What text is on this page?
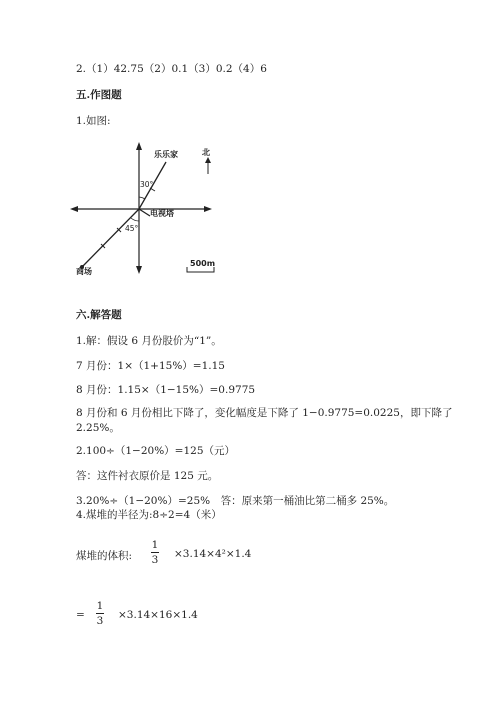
2.（1）42.75（2）0.1（3）0.2（4）6
五.作图题
1.如图:
乐乐家
电视塔
商场
30°
45°
北
500m
六.解答题
1.解：假设 6 月份股价为“1”。
7 月份：1×（1+15%）=1.15
8 月份：1.15×（1−15%）=0.9775
8 月份和 6 月份相比下降了，变化幅度是下降了 1−0.9775=0.0225，即下降了
2.25%。
2.100÷（1−20%）=125（元）
答：这件衬衣原价是 125 元。
3.20%÷（1−20%）=25%　答：原来第一桶油比第二桶多 25%。
4.煤堆的半径为:8÷2=4（米）
煤堆的体积:
1
3 ×3.14×4²×1.4
=
1
3 ×3.14×16×1.4
